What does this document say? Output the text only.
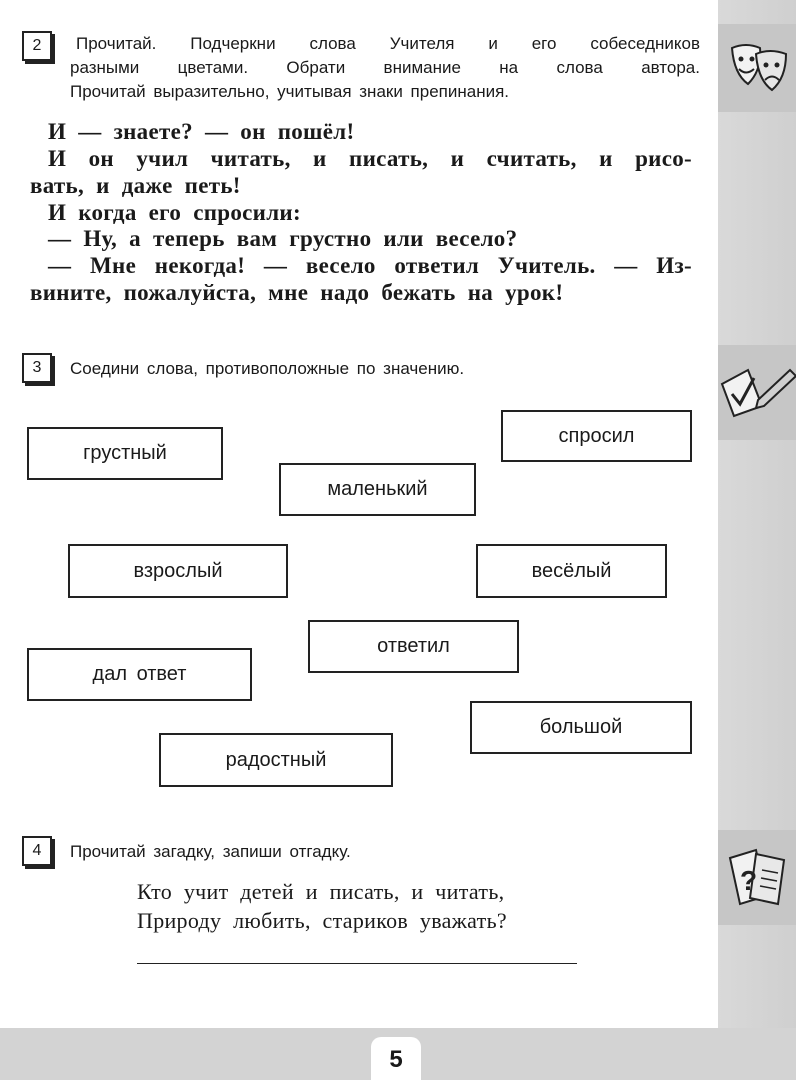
5
?
2	Прочитай. Подчеркни слова Учителя и его собеседников
разными цветами. Обрати внимание на слова автора.
Прочитай выразительно, учитывая знаки препинания.
И — знаете? — он пошёл!
И он учил читать, и писать, и считать, и рисо-
вать, и даже петь!
И когда его спросили:
— Ну, а теперь вам грустно или весело?
— Мне некогда! — весело ответил Учитель. — Из-
вините, пожалуйста, мне надо бежать на урок!
3	Соедини слова, противоположные по значению.
грустный
спросил
маленький
взрослый	весёлый
ответил
дал ответ
большой
радостный
4	Прочитай загадку, запиши отгадку.
Кто учит детей и писать, и читать,
Природу любить, стариков уважать?
